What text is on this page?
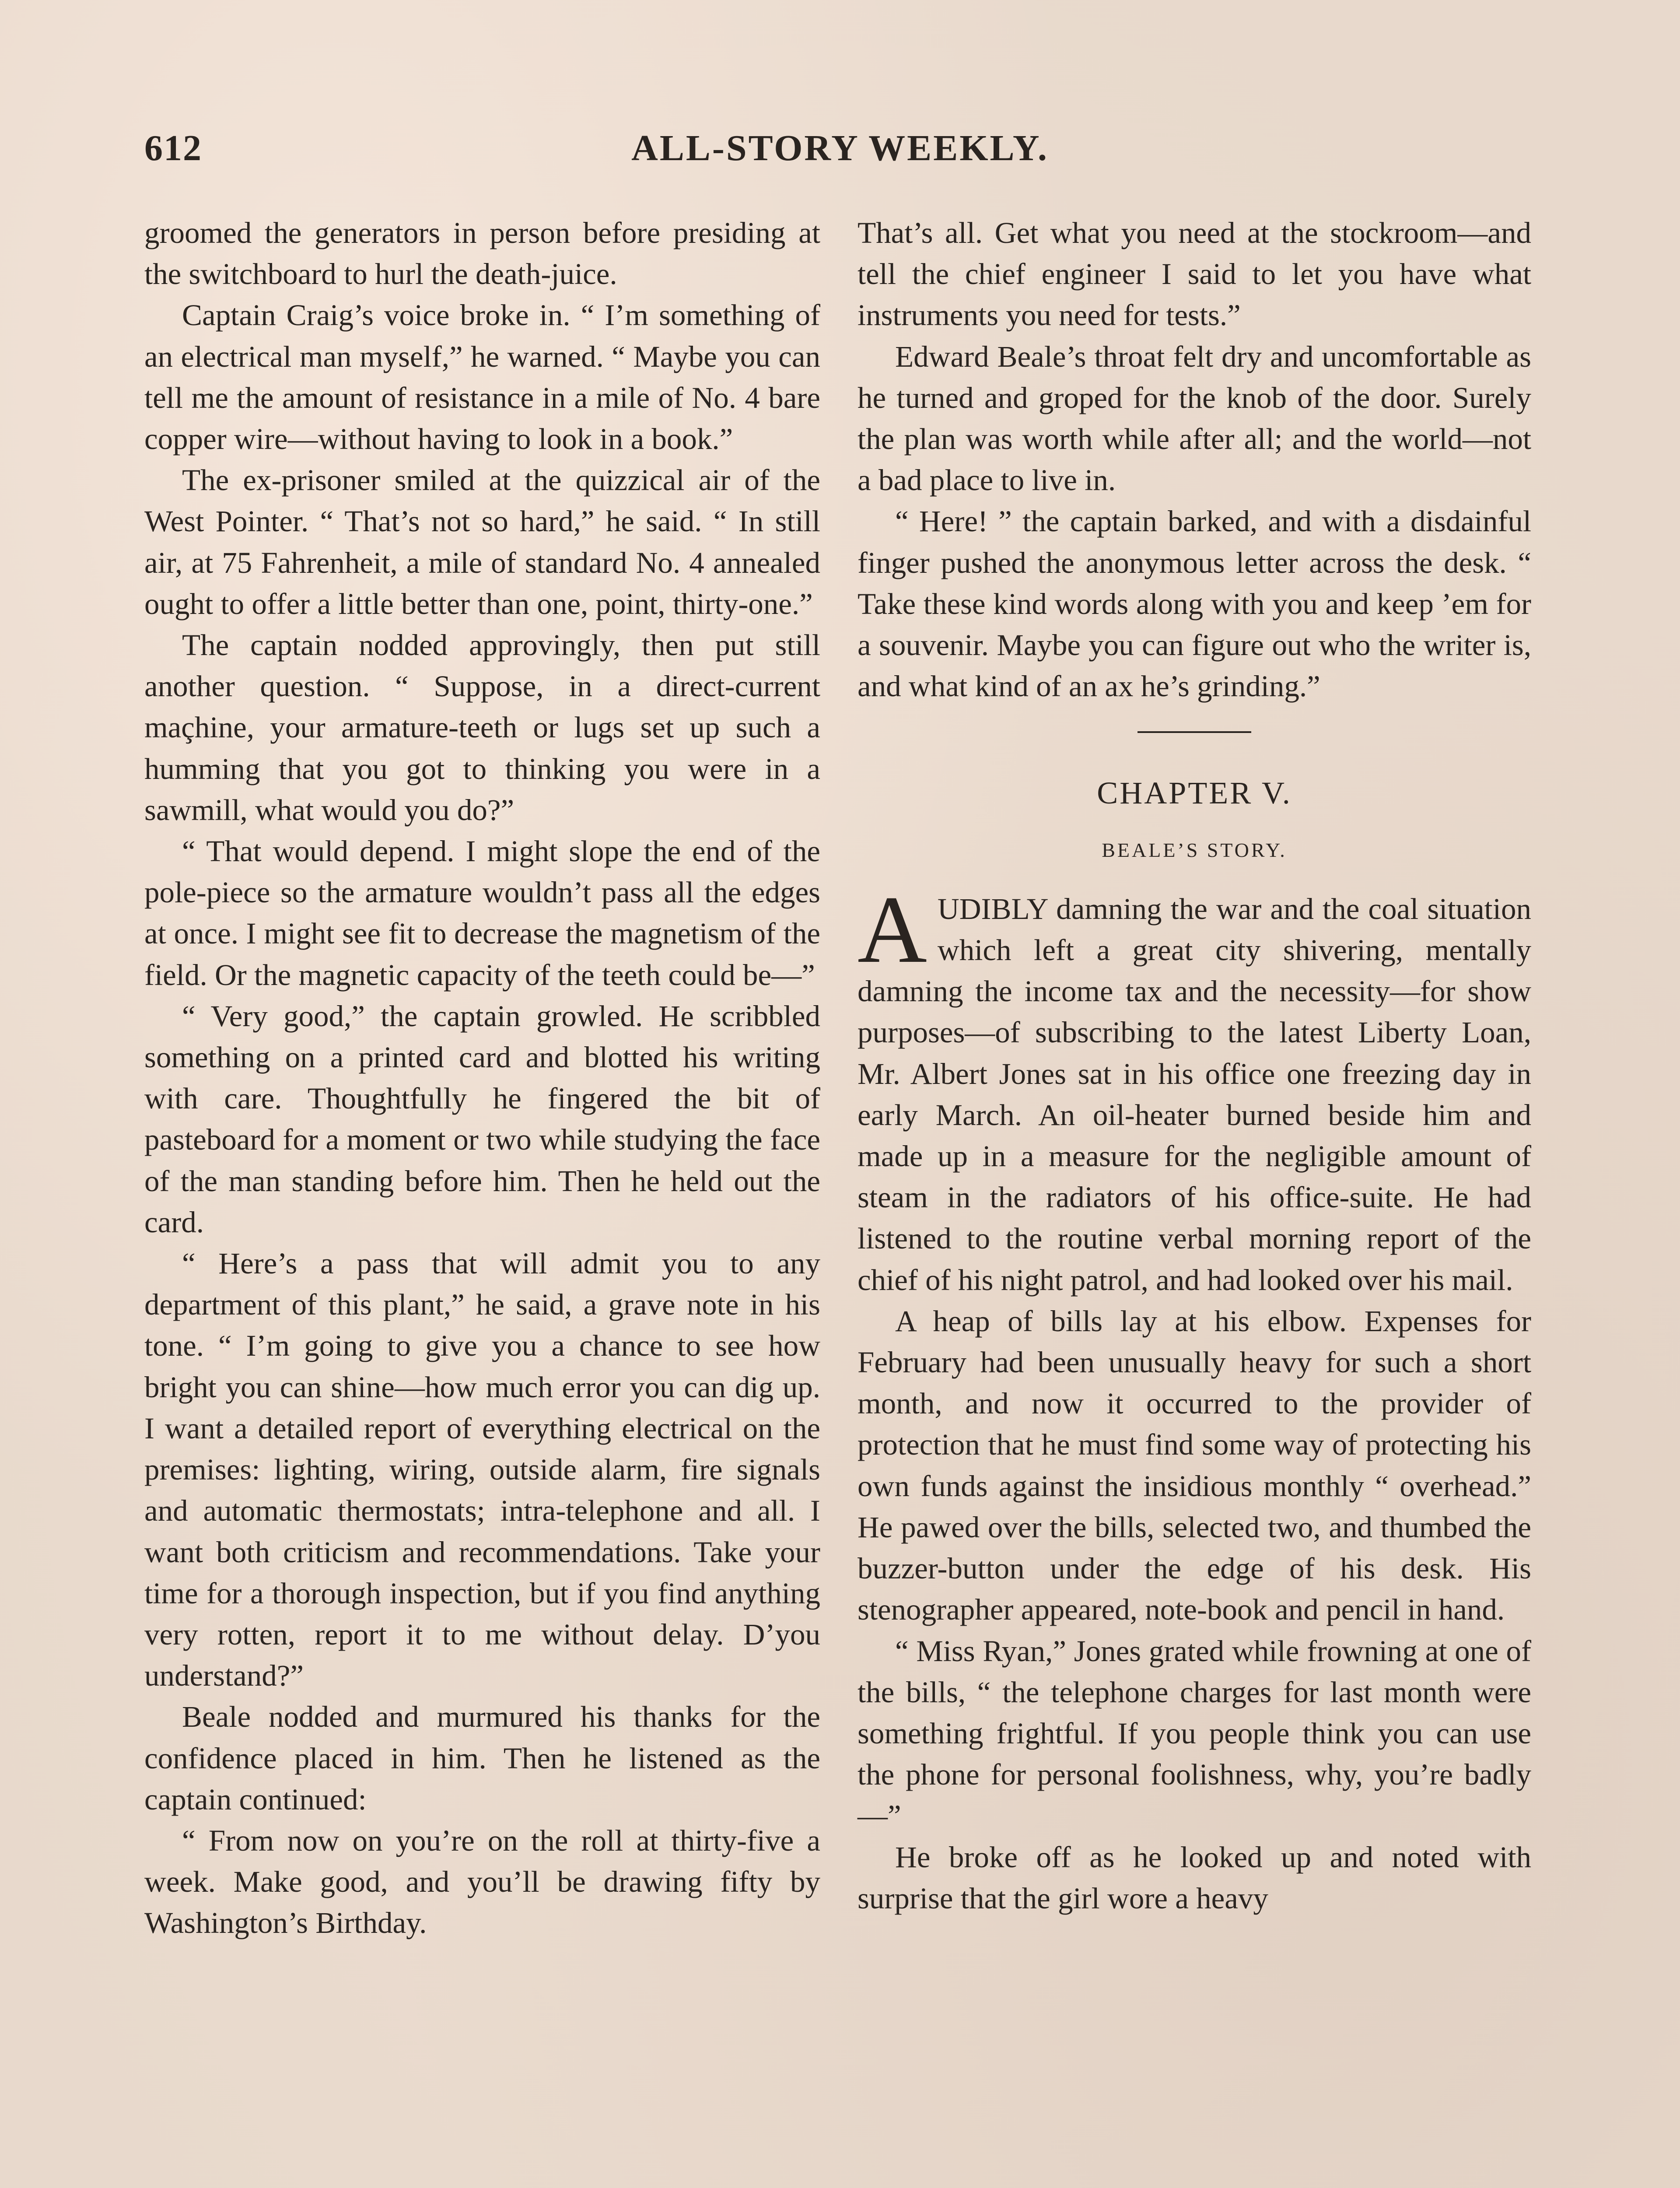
612	ALL-STORY WEEKLY.

groomed the generators in person before presiding at the switchboard to hurl the death-juice.

Captain Craig’s voice broke in. “ I’m something of an electrical man myself,” he warned. “ Maybe you can tell me the amount of resistance in a mile of No. 4 bare copper wire—without having to look in a book.”

The ex-prisoner smiled at the quizzical air of the West Pointer. “ That’s not so hard,” he said. “ In still air, at 75 Fahrenheit, a mile of standard No. 4 annealed ought to offer a little better than one, point, thirty-one.”

The captain nodded approvingly, then put still another question. “ Suppose, in a direct-current maçhine, your armature-teeth or lugs set up such a humming that you got to thinking you were in a sawmill, what would you do?”

“ That would depend. I might slope the end of the pole-piece so the armature wouldn’t pass all the edges at once. I might see fit to decrease the magnetism of the field. Or the magnetic capacity of the teeth could be—”

“ Very good,” the captain growled. He scribbled something on a printed card and blotted his writing with care. Thoughtfully he fingered the bit of pasteboard for a moment or two while studying the face of the man standing before him. Then he held out the card.

“ Here’s a pass that will admit you to any department of this plant,” he said, a grave note in his tone. “ I’m going to give you a chance to see how bright you can shine—how much error you can dig up. I want a detailed report of everything electrical on the premises: lighting, wiring, outside alarm, fire signals and automatic thermostats; intra-telephone and all. I want both criticism and recommendations. Take your time for a thorough inspection, but if you find anything very rotten, report it to me without delay. D’you understand?”

Beale nodded and murmured his thanks for the confidence placed in him. Then he listened as the captain continued:

“ From now on you’re on the roll at thirty-five a week. Make good, and you’ll be drawing fifty by Washington’s Birthday.

That’s all. Get what you need at the stockroom—and tell the chief engineer I said to let you have what instruments you need for tests.”

Edward Beale’s throat felt dry and uncomfortable as he turned and groped for the knob of the door. Surely the plan was worth while after all; and the world—not a bad place to live in.

“ Here! ” the captain barked, and with a disdainful finger pushed the anonymous letter across the desk. “ Take these kind words along with you and keep ’em for a souvenir. Maybe you can figure out who the writer is, and what kind of an ax he’s grinding.”

CHAPTER V.
BEALE’S STORY.

AUDIBLY damning the war and the coal situation which left a great city shivering, mentally damning the income tax and the necessity—for show purposes—of subscribing to the latest Liberty Loan, Mr. Albert Jones sat in his office one freezing day in early March. An oil-heater burned beside him and made up in a measure for the negligible amount of steam in the radiators of his office-suite. He had listened to the routine verbal morning report of the chief of his night patrol, and had looked over his mail.

A heap of bills lay at his elbow. Expenses for February had been unusually heavy for such a short month, and now it occurred to the provider of protection that he must find some way of protecting his own funds against the insidious monthly “ overhead.” He pawed over the bills, selected two, and thumbed the buzzer-button under the edge of his desk. His stenographer appeared, note-book and pencil in hand.

“ Miss Ryan,” Jones grated while frowning at one of the bills, “ the telephone charges for last month were something frightful. If you people think you can use the phone for personal foolishness, why, you’re badly—”

He broke off as he looked up and noted with surprise that the girl wore a heavy
